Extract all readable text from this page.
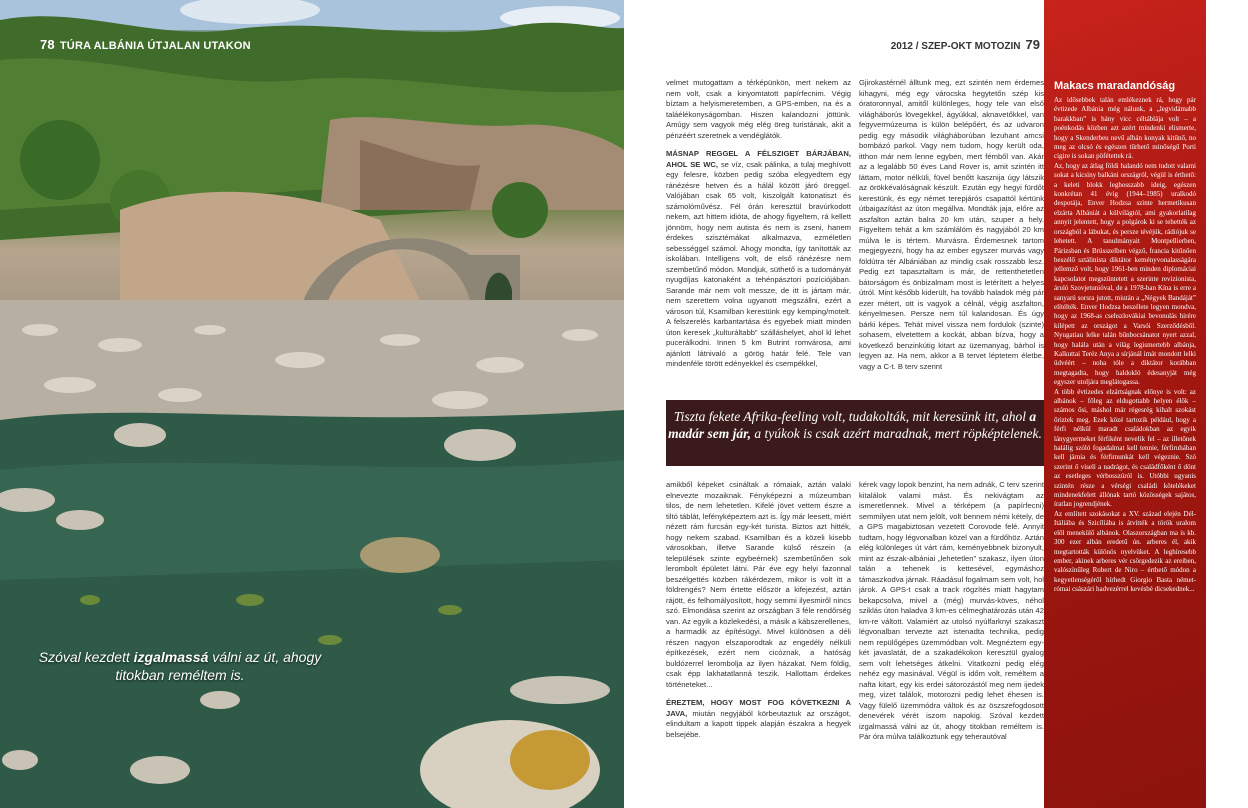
78 TÚRA ALBÁNIA ÚTJALAN UTAKON
Szóval kezdett izgalmassá válni az út, ahogy titokban reméltem is.
2012 / SZEP-OKT MOTOZIN 79

velmet mutogattam a térképünkön, mert nekem az nem volt, csak a kinyomtatott papírfecnim. Végig bíztam a helyismeretemben, a GPS-emben, na és a taláélékonyságomban. Hiszen kalandozni jöttünk. Amúgy sem vagyok még elég öreg turistának, akit a pénzéért szeretnek a vendéglátók.

MÁSNAP REGGEL A FÉLSZIGET BÁRJÁBAN, AHOL SE WC, se víz, csak pálinka, a tulaj meghívott egy felesre, közben pedig szóba elegyedtem egy ránézésre hetven és a hálál között járó öreggel. Valójában csak 65 volt, kiszolgált katonatiszt és számolóművész. Fél órán keresztül bravúrkodott nekem, azt hittem idióta, de ahogy figyeltem, rá kellett jönnöm, hogy nem autista és nem is zseni, hanem érdekes szisztémákat alkalmazva, ezméletlen sebességgel számol. Ahogy mondta, így tanították az iskolában. Intelligens volt, de első ránézésre nem szembetűnő módon. Mondjuk, süthető is a tudományát nyugdíjas katonaként a tehénpásztori pozíciójában. Sarande már nem volt messze, de itt is jártam már, nem szerettem volna ugyanott megszállni, ezért a városon túl, Ksamilban kerestünk egy kemping/motelt. A felszerelés karbantartása és egyebek miatt minden úton keresek „kulturáltabb” szálláshelyet, ahol kl lehet pucerálkodni. Innen 5 km Butrint romvárosa, ami ajánlott látnivaló a görög határ felé. Tele van mindenféle törött edényekkel és csempékkel,

Gjirokastérnél álltunk meg, ezt szintén nem érdemes kihagyni, még egy várocska hegytetőn szép kis óratoronnyal, amitől különleges, hogy tele van első világháborús lövegekkel, ágyúkkal, aknavetőkkel, van fegyvermúzeuma is külön belépőért, és az udvaron pedig egy második világháborúban lezuhant amcsi bombázó parkol. Vagy nem tudom, hogy került oda, itthon már nem lenne egyben, mert fémből van. Akár az a legalább 50 éves Land Rover is, amit szintén itt láttam, motor nélküli, füvel benőtt kasznija úgy látszik az örökkévalóságnak készült. Ezután egy hegyi fürdőt kerestünk, és egy német terepjárós csapattól kértünk útbaigazítást az úton megállva. Mondták jaja, előre az aszfalton aztán balra 20 km után, szuper a hely. Figyeltem tehát a km számlálóm és nagyjából 20 km múlva le is tértem. Murvásra. Érdemesnek tartom megjegyezni, hogy ha az ember egyszer murvás vagy földútra tér Albániában az mindig csak rosszabb lesz. Pedig ezt tapasztaltam is már, de rettenthetetlen bátorságom és önbizalmam most is letérített a helyes útról. Mint később kiderült, ha tovább haladok még pár ezer métert, ott is vagyok a célnál, végig aszfalton, kényelmesen. Persze nem túl kalandosan. És úgy bárki képes. Tehát mivel vissza nem fordulok (szinte) sohasem, elvetettem a kockát, abban bízva, hogy a következő benzinkútig kitart az üzemanyag, bárhol is legyen az. Ha nem, akkor a B tervet léptetem életbe, vagy a C-t. B terv szerint

Tiszta fekete Afrika-feeling volt, tudakolták, mit keresünk itt, ahol a madár sem jár, a tyúkok is csak azért maradnak, mert röpképtelenek.

amikből képeket csináltak a rómaiak, aztán valaki elnevezte mozaiknak. Fényképezni a múzeumban tilos, de nem lehetetlen. Kifelé jövet vettem észre a tiltó táblát, lefényképeztem azt is. Így már leesett, miért nézett rám furcsán egy-két turista. Biztos azt hitték, hogy nekem szabad. Ksamilban és a közeli kisebb városokban, illetve Sarande külső részein (a települések szinte egybeérnek) szembetűnően sok lerombolt épületet látni. Pár éve egy helyi fazonnal beszélgettés közben rákérdezem, mikor is volt itt a földrengés? Nem értette először a kifejezést, aztán rájött, és felhomályosított, hogy semmi ilyesmiről nincs szó. Elmondása szerint az országban 3 féle rendőrség van. Az egyik a közlekedési, a másik a kábszerellenes, a harmadik az építésügyi. Mivel különösen a déli részen nagyon elszaporodtak az engedély nélküli építkezések, ezért nem cicóznak, a hatóság buldózerrel lerombolja az ilyen házakat. Nem földig, csak épp lakhatatlanná teszik. Hallottam érdekes történeteket...

ÉREZTEM, HOGY MOST FOG KÖVETKEZNI A JAVA, miután negyjából körbeutaztuk az országot, elindultam a kapott tippek alapján északra a hegyek belsejébe.

kérek vagy lopok benzint, ha nem adnák, C terv szerint kitalálok valami mást. És nekivágtam az ismeretlennek. Mivel a térképem (a papírfecni) semmilyen utat nem jelölt, volt bennem némi kétely, de a GPS magabiztosan vezetett Corovode felé. Annyit tudtam, hogy légvonalban közel van a fürdőhöz. Aztán elég különleges út várt rám, keményebbnek bizonyult, mint az észak-albániai „lehetetlen” szakasz, ilyen úton talán a tehenek is kettesével, egymáshoz támaszkodva járnak. Ráadásul fogalmam sem volt, hol járok. A GPS-t csak a track rögzítés miatt hagytam bekapcsolva, mivel a (még) murvás-köves, néhol sziklás úton haladva 3 km-es célmeghatározás után 42 km-re váltott. Valamiért az utolsó nyúlfarknyi szakaszt légvonalban tervezte azt istenadta technika, pedig nem repülőgépes üzemmódban volt. Megnéztem egy-két javaslatát, de a szakadékokon keresztül gyalog sem volt lehetséges átkelni. Vitatkozni pedig elég nehéz egy masinával. Végül is időm volt, reméltem a nafta kitart, egy kis erdei sátorozástól meg nem ijedek meg, vizet találok, motorozni pedig lehet éhesen is. Vagy fülelő üzemmódra váltok és az öszszefogdosott denevérek vérét iszom napokig. Szóval kezdett izgalmassá válni az út, ahogy titokban reméltem is. Pár óra múlva találkoztunk egy teherautóval

Makacs maradandóság

Az idősebbek talán emlékeznek rá, hogy pár évtizede Albánia még nálunk, a „legvidámabb barakkban” is hány vicc céltáblája volt – a poénkodás közben azt azért mindenki elismerte, hogy a Skenderbeu nevű albán konyak kitűnő, no meg az olcsó és egészen tűrhető minőségű Porti cigire is sokan pöfétettek rá.

Az, hogy az átlag földi halandó nem tudott valami sokat a kicsiny balkáni országról, végül is érthető: a keleti blokk leghosszabb ideig, egészen konkrétan 41 évig (1944–1985) uralkodó despotája, Enver Hodzsa szinte hermetikusan elzárta Albániát a külvilágtól, ami gyakorlatilag annyit jelentett, hogy a polgárok ki se tehették az országból a lábukat, és persze tévéjük, rádiójuk se lehetett. A tanulmányait Montpellierben, Párizsban és Brüsszelben végző, francia kitűnően beszélő sztálinista diktátor keményvonalasságára jellemző volt, hogy 1961-ben minden diplomáciai kapcsolatot megszüntetett a szerinte revizionista, áruló Szovjetunióval, de a 1978-ban Kína is erre a sanyarú sorsra jutott, miután a „Négyek Bandáját” elítélték. Enver Hodzsa beszélete legyen mondva, hogy az 1968-as csehszlovákiai bevonulás hírére kilépett az országot a Varsói Szerződésből. Nyugatiau lelke talán bűnbocsánatot nyert azzal, hogy halála után a világ legismertebb albánja, Kalkuttai Teréz Anya a sírjánál imát mondott lelki üdvéért – noha tóle a diktátor korábban megtagadta, hogy haldokló édesanyját még egyszer utoljára meglátogassa.

A több évtizedes elzártságnak előnye is volt: az albánok – főleg az eldugottabb helyen élők – számos ősi, máshol már régesrég kihalt szokást őriztek meg. Ezek közé tartozik például, hogy a férfi nélkül maradt családokban az egyik lánygyermeket férfiként nevelik fel – az illetőnek halálig szóló fogadalmat kell tennie, férfiruhában kell járnia és férfimunkát kell végeznie. Szó szerint ő viseli a nadrágot, és családfőként ő dönt az esetleges vérbosszúról is. Utóbbi ugyanis szintén része a vérségi családi kötelékeket mindenekfelett állónak tartó közösségek sajátos, íratlan jogrendjének.

Az említett szokásokat a XV. század elején Dél-Itáliába és Szicíliába is átvitték a török uralom elől menekülő albánok. Olaszországban ma is kb. 300 ezer albán eredetű ún. arberes él, akik megtartották különös nyelvüket. A leghíresebb ember, akinek arberes vér csörgedezik az ereiben, valószínűleg Robert de Niro – érthető módon a kegyetlenségéről hírhedt Giorgio Basta német-római császári hadvezérrel kevésbé dicsekednek...
